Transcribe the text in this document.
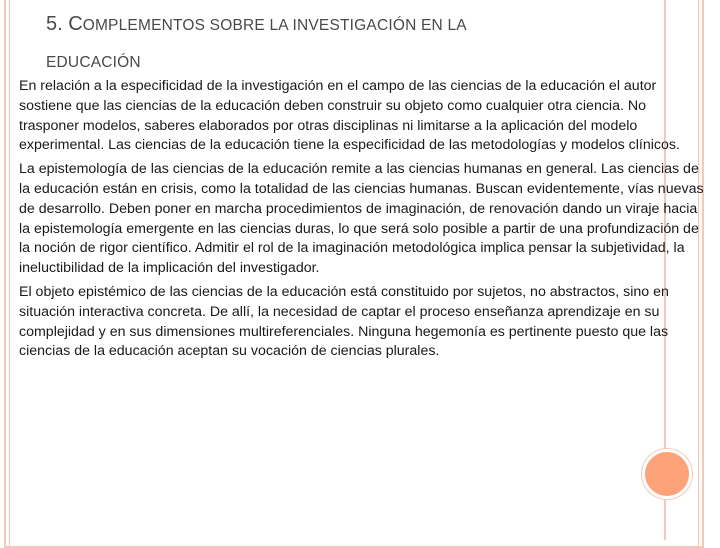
5. COMPLEMENTOS SOBRE LA INVESTIGACIÓN EN LA
EDUCACIÓN

En relación a la especificidad de la investigación en el campo de las ciencias de la educación el autor sostiene que las ciencias de la educación deben construir su objeto como cualquier otra ciencia. No trasponer modelos, saberes elaborados por otras disciplinas ni limitarse a la aplicación del modelo experimental. Las ciencias de la educación tiene la especificidad de las metodologías y modelos clínicos.

La epistemología de las ciencias de la educación remite a las ciencias humanas en general. Las ciencias de la educación están en crisis, como la totalidad de las ciencias humanas. Buscan evidentemente, vías nuevas de desarrollo. Deben poner en marcha procedimientos de imaginación, de renovación dando un viraje hacia la epistemología emergente en las ciencias duras, lo que será solo posible a partir de una profundización de la noción de rigor científico. Admitir el rol de la imaginación metodológica implica pensar la subjetividad, la ineluctibilidad de la implicación del investigador.

El objeto epistémico de las ciencias de la educación está constituido por sujetos, no abstractos, sino en situación interactiva concreta. De allí, la necesidad de captar el proceso enseñanza aprendizaje en su complejidad y en sus dimensiones multireferenciales. Ninguna hegemonía es pertinente puesto que las ciencias de la educación aceptan su vocación de ciencias plurales.
